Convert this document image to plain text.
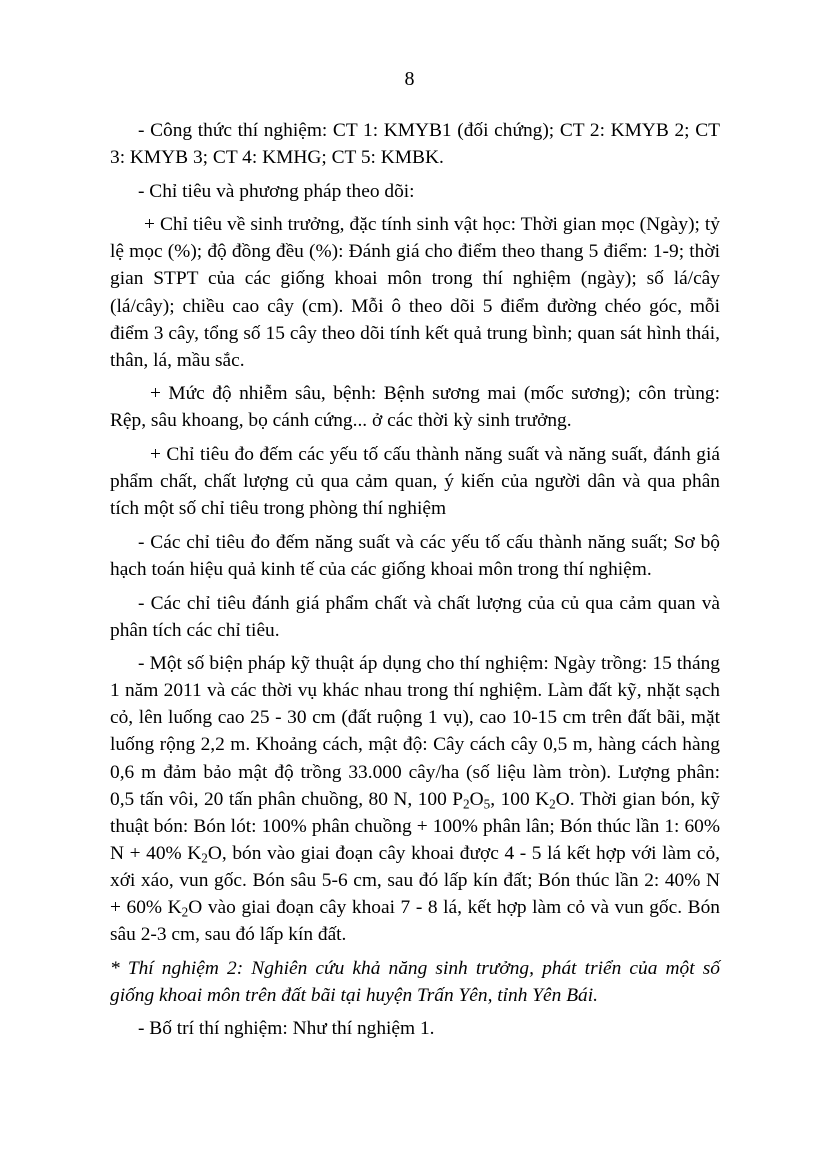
8

- Công thức thí nghiệm: CT 1: KMYB1 (đối chứng); CT 2: KMYB 2; CT 3: KMYB 3; CT 4: KMHG; CT 5: KMBK.

- Chỉ tiêu và phương pháp theo dõi:

+ Chỉ tiêu về sinh trưởng, đặc tính sinh vật học: Thời gian mọc (Ngày); tỷ lệ mọc (%); độ đồng đều (%): Đánh giá cho điểm theo thang 5 điểm: 1-9; thời gian STPT của các giống khoai môn trong thí nghiệm (ngày); số lá/cây (lá/cây); chiều cao cây (cm). Mỗi ô theo dõi 5 điểm đường chéo góc, mỗi điểm 3 cây, tổng số 15 cây theo dõi tính kết quả trung bình; quan sát hình thái, thân, lá, mầu sắc.

+ Mức độ nhiễm sâu, bệnh: Bệnh sương mai (mốc sương); côn trùng: Rệp, sâu khoang, bọ cánh cứng... ở các thời kỳ sinh trưởng.

+ Chỉ tiêu đo đếm các yếu tố cấu thành năng suất và năng suất, đánh giá phẩm chất, chất lượng củ qua cảm quan, ý kiến của người dân và qua phân tích một số chỉ tiêu trong phòng thí nghiệm

- Các chỉ tiêu đo đếm năng suất và các yếu tố cấu thành năng suất; Sơ bộ hạch toán hiệu quả kinh tế của các giống khoai môn trong thí nghiệm.

- Các chỉ tiêu đánh giá phẩm chất và chất lượng của củ qua cảm quan và phân tích các chỉ tiêu.

- Một số biện pháp kỹ thuật áp dụng cho thí nghiệm: Ngày trồng: 15 tháng 1 năm 2011 và các thời vụ khác nhau trong thí nghiệm. Làm đất kỹ, nhặt sạch cỏ, lên luống cao 25 - 30 cm (đất ruộng 1 vụ), cao 10-15 cm trên đất bãi, mặt luống rộng 2,2 m. Khoảng cách, mật độ: Cây cách cây 0,5 m, hàng cách hàng 0,6 m đảm bảo mật độ trồng 33.000 cây/ha (số liệu làm tròn). Lượng phân: 0,5 tấn vôi, 20 tấn phân chuồng, 80 N, 100 $P_2O_5$, 100 $K_2O$. Thời gian bón, kỹ thuật bón: Bón lót: 100% phân chuồng + 100% phân lân; Bón thúc lần 1: 60% N + 40% $K_2O$, bón vào giai đoạn cây khoai được 4 - 5 lá kết hợp với làm cỏ, xới xáo, vun gốc. Bón sâu 5-6 cm, sau đó lấp kín đất; Bón thúc lần 2: 40% N + 60% $K_2O$ vào giai đoạn cây khoai 7 - 8 lá, kết hợp làm cỏ và vun gốc. Bón sâu 2-3 cm, sau đó lấp kín đất.

* Thí nghiệm 2: Nghiên cứu khả năng sinh trưởng, phát triển của một số giống khoai môn trên đất bãi tại huyện Trấn Yên, tỉnh Yên Bái.

- Bố trí thí nghiệm: Như thí nghiệm 1.
